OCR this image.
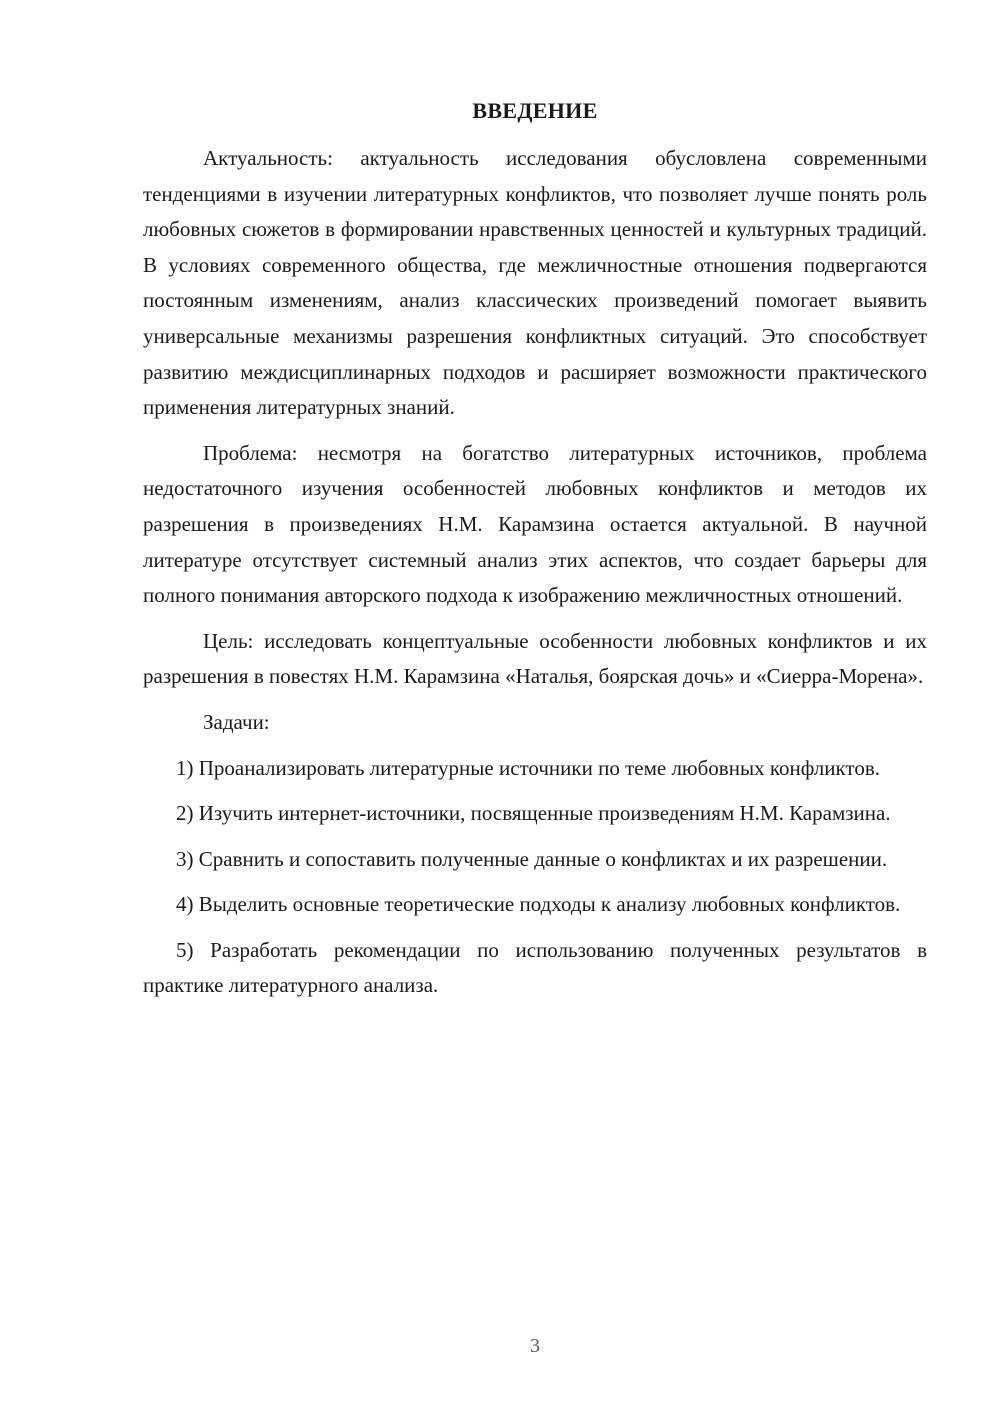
ВВЕДЕНИЕ

Актуальность: актуальность исследования обусловлена современными тенденциями в изучении литературных конфликтов, что позволяет лучше понять роль любовных сюжетов в формировании нравственных ценностей и культурных традиций. В условиях современного общества, где межличностные отношения подвергаются постоянным изменениям, анализ классических произведений помогает выявить универсальные механизмы разрешения конфликтных ситуаций. Это способствует развитию междисциплинарных подходов и расширяет возможности практического применения литературных знаний.

Проблема: несмотря на богатство литературных источников, проблема недостаточного изучения особенностей любовных конфликтов и методов их разрешения в произведениях Н.М. Карамзина остается актуальной. В научной литературе отсутствует системный анализ этих аспектов, что создает барьеры для полного понимания авторского подхода к изображению межличностных отношений.

Цель: исследовать концептуальные особенности любовных конфликтов и их разрешения в повестях Н.М. Карамзина «Наталья, боярская дочь» и «Сиерра-Морена».

Задачи:

1) Проанализировать литературные источники по теме любовных конфликтов.

2) Изучить интернет-источники, посвященные произведениям Н.М. Карамзина.

3) Сравнить и сопоставить полученные данные о конфликтах и их разрешении.

4) Выделить основные теоретические подходы к анализу любовных конфликтов.

5) Разработать рекомендации по использованию полученных результатов в практике литературного анализа.

3
